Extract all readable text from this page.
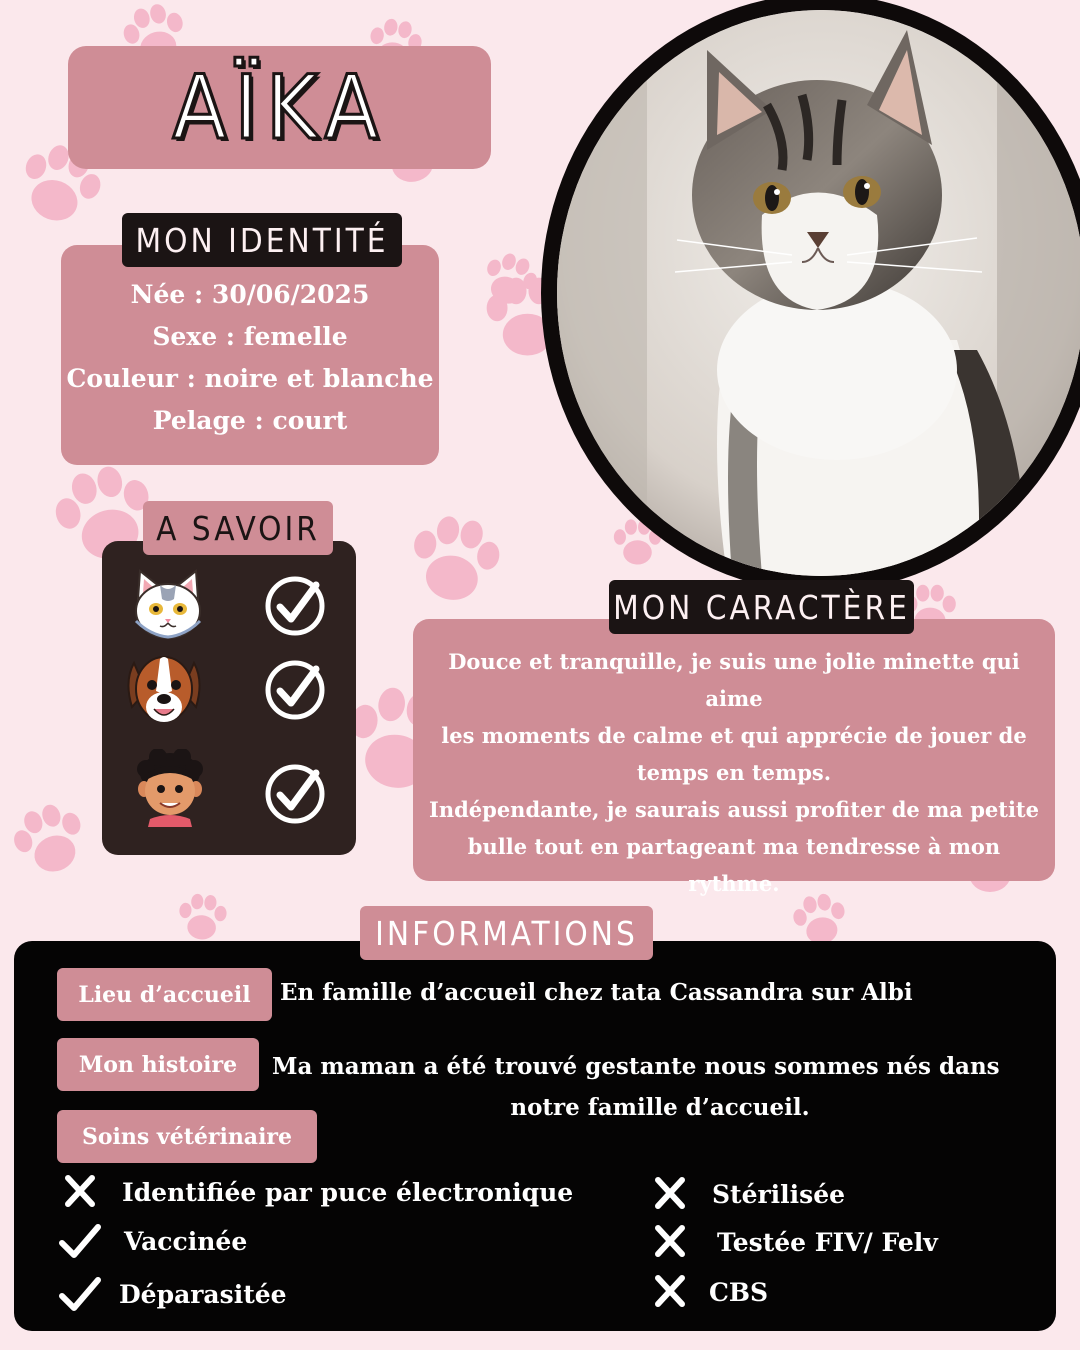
AÏKA
MON IDENTITÉ
Née : 30/06/2025
Sexe : femelle
Couleur : noire et blanche
Pelage : court
A SAVOIR

Douce et tranquille, je suis une jolie minette qui aime

les moments de calme et qui apprécie de jouer de

temps en temps.

Indépendante, je saurais aussi profiter de ma petite

bulle tout en partageant ma tendresse à mon

rythme.

MON CARACTÈRE
Lieu d’accueil	En famille d’accueil chez tata Cassandra sur Albi
Mon histoire	Ma maman a été trouvé gestante nous sommes nés dans
notre famille d’accueil.
Soins vétérinaire
Identifiée par puce électronique
Vaccinée
Déparasitée
Stérilisée
Testée FIV/ Felv
CBS
INFORMATIONS
